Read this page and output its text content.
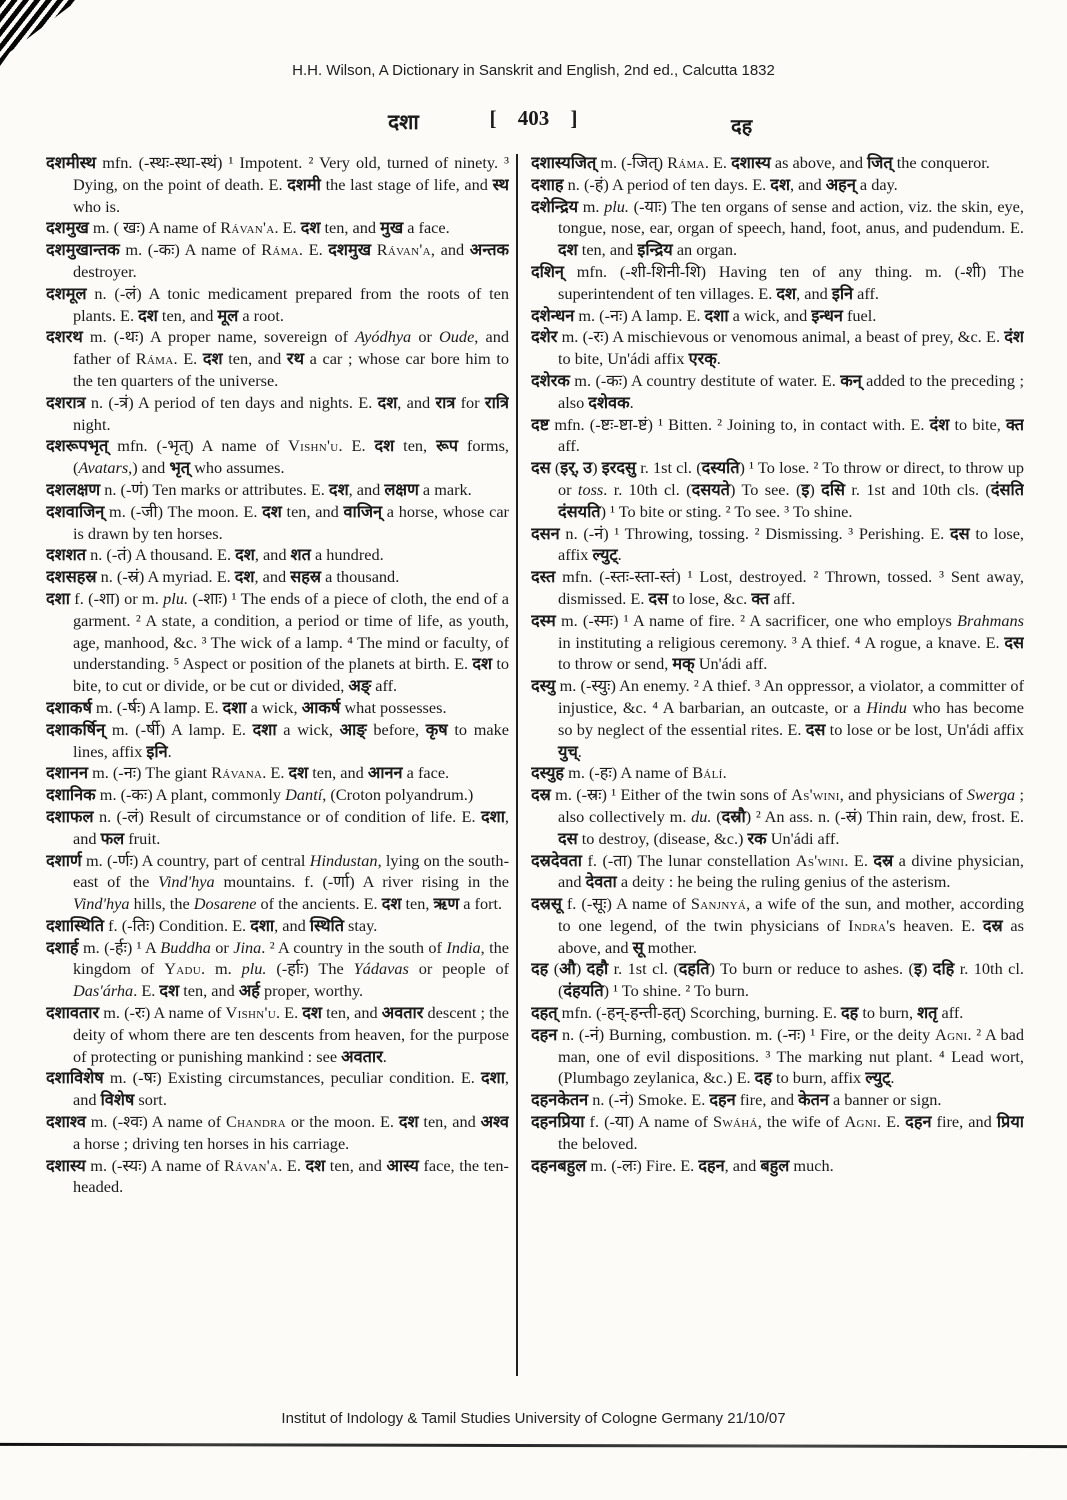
H.H. Wilson, A Dictionary in Sanskrit and English, 2nd ed., Calcutta 1832
दशा	[ 403 ]	दह
दशमीस्थ mfn. (-स्थः-स्था-स्थं) ¹ Impotent. ² Very old, turned of ninety. ³ Dying, on the point of death. E. दशमी the last stage of life, and स्थ who is.
दशमुख m. ( खः) A name of Rávan'a. E. दश ten, and मुख a face.
दशमुखान्तक m. (-कः) A name of Ráma. E. दशमुख Rávan'a, and अन्तक destroyer.
दशमूल n. (-लं) A tonic medicament prepared from the roots of ten plants. E. दश ten, and मूल a root.
दशरथ m. (-थः) A proper name, sovereign of Ayódhya or Oude, and father of Ráma. E. दश ten, and रथ a car ; whose car bore him to the ten quarters of the universe.
दशरात्र n. (-त्रं) A period of ten days and nights. E. दश, and रात्र for रात्रि night.
दशरूपभृत् mfn. (-भृत्) A name of Vishn'u. E. दश ten, रूप forms, (Avatars,) and भृत् who assumes.
दशलक्षण n. (-णं) Ten marks or attributes. E. दश, and लक्षण a mark.
दशवाजिन् m. (-जी) The moon. E. दश ten, and वाजिन् a horse, whose car is drawn by ten horses.
दशशत n. (-तं) A thousand. E. दश, and शत a hundred.
दशसहस्र n. (-स्रं) A myriad. E. दश, and सहस्र a thousand.
दशा f. (-शा) or m. plu. (-शाः) ¹ The ends of a piece of cloth, the end of a garment. ² A state, a condition, a period or time of life, as youth, age, manhood, &c. ³ The wick of a lamp. ⁴ The mind or faculty, of understanding. ⁵ Aspect or position of the planets at birth. E. दश to bite, to cut or divide, or be cut or divided, अङ् aff.
दशाकर्ष m. (-र्षः) A lamp. E. दशा a wick, आकर्ष what possesses.
दशाकर्षिन् m. (-र्षी) A lamp. E. दशा a wick, आङ् before, कृष to make lines, affix इनि.
दशानन m. (-नः) The giant Rávana. E. दश ten, and आनन a face.
दशानिक m. (-कः) A plant, commonly Dantí, (Croton polyandrum.)
दशाफल n. (-लं) Result of circumstance or of condition of life. E. दशा, and फल fruit.
दशार्ण m. (-र्णः) A country, part of central Hindustan, lying on the south-east of the Vind'hya mountains. f. (-र्णा) A river rising in the Vind'hya hills, the Dosarene of the ancients. E. दश ten, ऋण a fort.
दशास्थिति f. (-तिः) Condition. E. दशा, and स्थिति stay.
दशार्ह m. (-र्हः) ¹ A Buddha or Jina. ² A country in the south of India, the kingdom of Yadu. m. plu. (-र्हाः) The Yádavas or people of Das'árha. E. दश ten, and अर्ह proper, worthy.
दशावतार m. (-रः) A name of Vishn'u. E. दश ten, and अवतार descent ; the deity of whom there are ten descents from heaven, for the purpose of protecting or punishing mankind : see अवतार.
दशाविशेष m. (-षः) Existing circumstances, peculiar condition. E. दशा, and विशेष sort.
दशाश्व m. (-श्वः) A name of Chandra or the moon. E. दश ten, and अश्व a horse ; driving ten horses in his carriage.
दशास्य m. (-स्यः) A name of Rávan'a. E. दश ten, and आस्य face, the ten-headed.
दशास्यजित् m. (-जित्) Ráma. E. दशास्य as above, and जित् the conqueror.
दशाह n. (-हं) A period of ten days. E. दश, and अहन् a day.
दशेन्द्रिय m. plu. (-याः) The ten organs of sense and action, viz. the skin, eye, tongue, nose, ear, organ of speech, hand, foot, anus, and pudendum. E. दश ten, and इन्द्रिय an organ.
दशिन् mfn. (-शी-शिनी-शि) Having ten of any thing. m. (-शी) The superintendent of ten villages. E. दश, and इनि aff.
दशेन्धन m. (-नः) A lamp. E. दशा a wick, and इन्धन fuel.
दशेर m. (-रः) A mischievous or venomous animal, a beast of prey, &c. E. दंश to bite, Un'ádi affix एरक्.
दशेरक m. (-कः) A country destitute of water. E. कन् added to the preceding ; also दशेवक.
दष्ट mfn. (-ष्टः-ष्टा-ष्टं) ¹ Bitten. ² Joining to, in contact with. E. दंश to bite, क्त aff.
दस (इर्, उ) इरदसु r. 1st cl. (दस्यति) ¹ To lose. ² To throw or direct, to throw up or toss. r. 10th cl. (दसयते) To see. (इ) दसि r. 1st and 10th cls. (दंसति दंसयति) ¹ To bite or sting. ² To see. ³ To shine.
दसन n. (-नं) ¹ Throwing, tossing. ² Dismissing. ³ Perishing. E. दस to lose, affix ल्युट्.
दस्त mfn. (-स्तः-स्ता-स्तं) ¹ Lost, destroyed. ² Thrown, tossed. ³ Sent away, dismissed. E. दस to lose, &c. क्त aff.
दस्म m. (-स्मः) ¹ A name of fire. ² A sacrificer, one who employs Brahmans in instituting a religious ceremony. ³ A thief. ⁴ A rogue, a knave. E. दस to throw or send, मक् Un'ádi aff.
दस्यु m. (-स्युः) An enemy. ² A thief. ³ An oppressor, a violator, a committer of injustice, &c. ⁴ A barbarian, an outcaste, or a Hindu who has become so by neglect of the essential rites. E. दस to lose or be lost, Un'ádi affix युच्.
दस्युह m. (-हः) A name of Bálí.
दस्र m. (-स्रः) ¹ Either of the twin sons of As'wini, and physicians of Swerga ; also collectively m. du. (दस्रौ) ² An ass. n. (-स्रं) Thin rain, dew, frost. E. दस to destroy, (disease, &c.) रक Un'ádi aff.
दस्रदेवता f. (-ता) The lunar constellation As'wini. E. दस्र a divine physician, and देवता a deity : he being the ruling genius of the asterism.
दस्रसू f. (-सूः) A name of Sanjnyá, a wife of the sun, and mother, according to one legend, of the twin physicians of Indra's heaven. E. दस्र as above, and सू mother.
दह (औ) दहौ r. 1st cl. (दहति) To burn or reduce to ashes. (इ) दहि r. 10th cl. (दंहयति) ¹ To shine. ² To burn.
दहत् mfn. (-हन्-हन्ती-हत्) Scorching, burning. E. दह to burn, शतृ aff.
दहन n. (-नं) Burning, combustion. m. (-नः) ¹ Fire, or the deity Agni. ² A bad man, one of evil dispositions. ³ The marking nut plant. ⁴ Lead wort, (Plumbago zeylanica, &c.) E. दह to burn, affix ल्युट्.
दहनकेतन n. (-नं) Smoke. E. दहन fire, and केतन a banner or sign.
दहनप्रिया f. (-या) A name of Swáhá, the wife of Agni. E. दहन fire, and प्रिया the beloved.
दहनबहुल m. (-लः) Fire. E. दहन, and बहुल much.
Institut of Indology & Tamil Studies University of Cologne Germany 21/10/07
